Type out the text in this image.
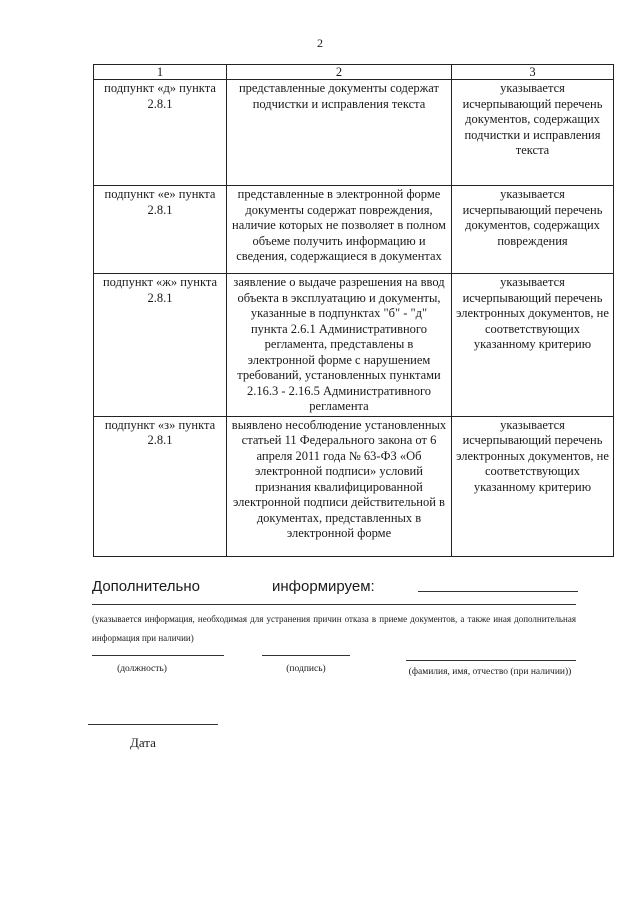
2
1	2	3
подпункт «д» пункта 2.8.1	представленные документы содержат подчистки и исправления текста	указывается исчерпывающий перечень документов, содержащих подчистки и исправления текста
подпункт «е» пункта 2.8.1	представленные в электронной форме документы содержат повреждения, наличие которых не позволяет в полном объеме получить информацию и сведения, содержащиеся в документах	указывается исчерпывающий перечень документов, содержащих повреждения
подпункт «ж» пункта 2.8.1	заявление о выдаче разрешения на ввод объекта в эксплуатацию и документы, указанные в подпунктах "б" - "д" пункта 2.6.1 Административного регламента, представлены в электронной форме с нарушением требований, установленных пунктами 2.16.3 - 2.16.5 Административного регламента	указывается исчерпывающий перечень электронных документов, не соответствующих указанному критерию
подпункт «з» пункта 2.8.1	выявлено несоблюдение установленных статьей 11 Федерального закона от 6 апреля 2011 года № 63-ФЗ «Об электронной подписи» условий признания квалифицированной электронной подписи действительной в документах, представленных в электронной форме	указывается исчерпывающий перечень электронных документов, не соответствующих указанному критерию
Дополнительно	информируем:
(указывается информация, необходимая для устранения причин отказа в приеме документов, а также иная дополнительная информация при наличии)
(должность)	(подпись)	(фамилия, имя, отчество (при наличии))
Дата
